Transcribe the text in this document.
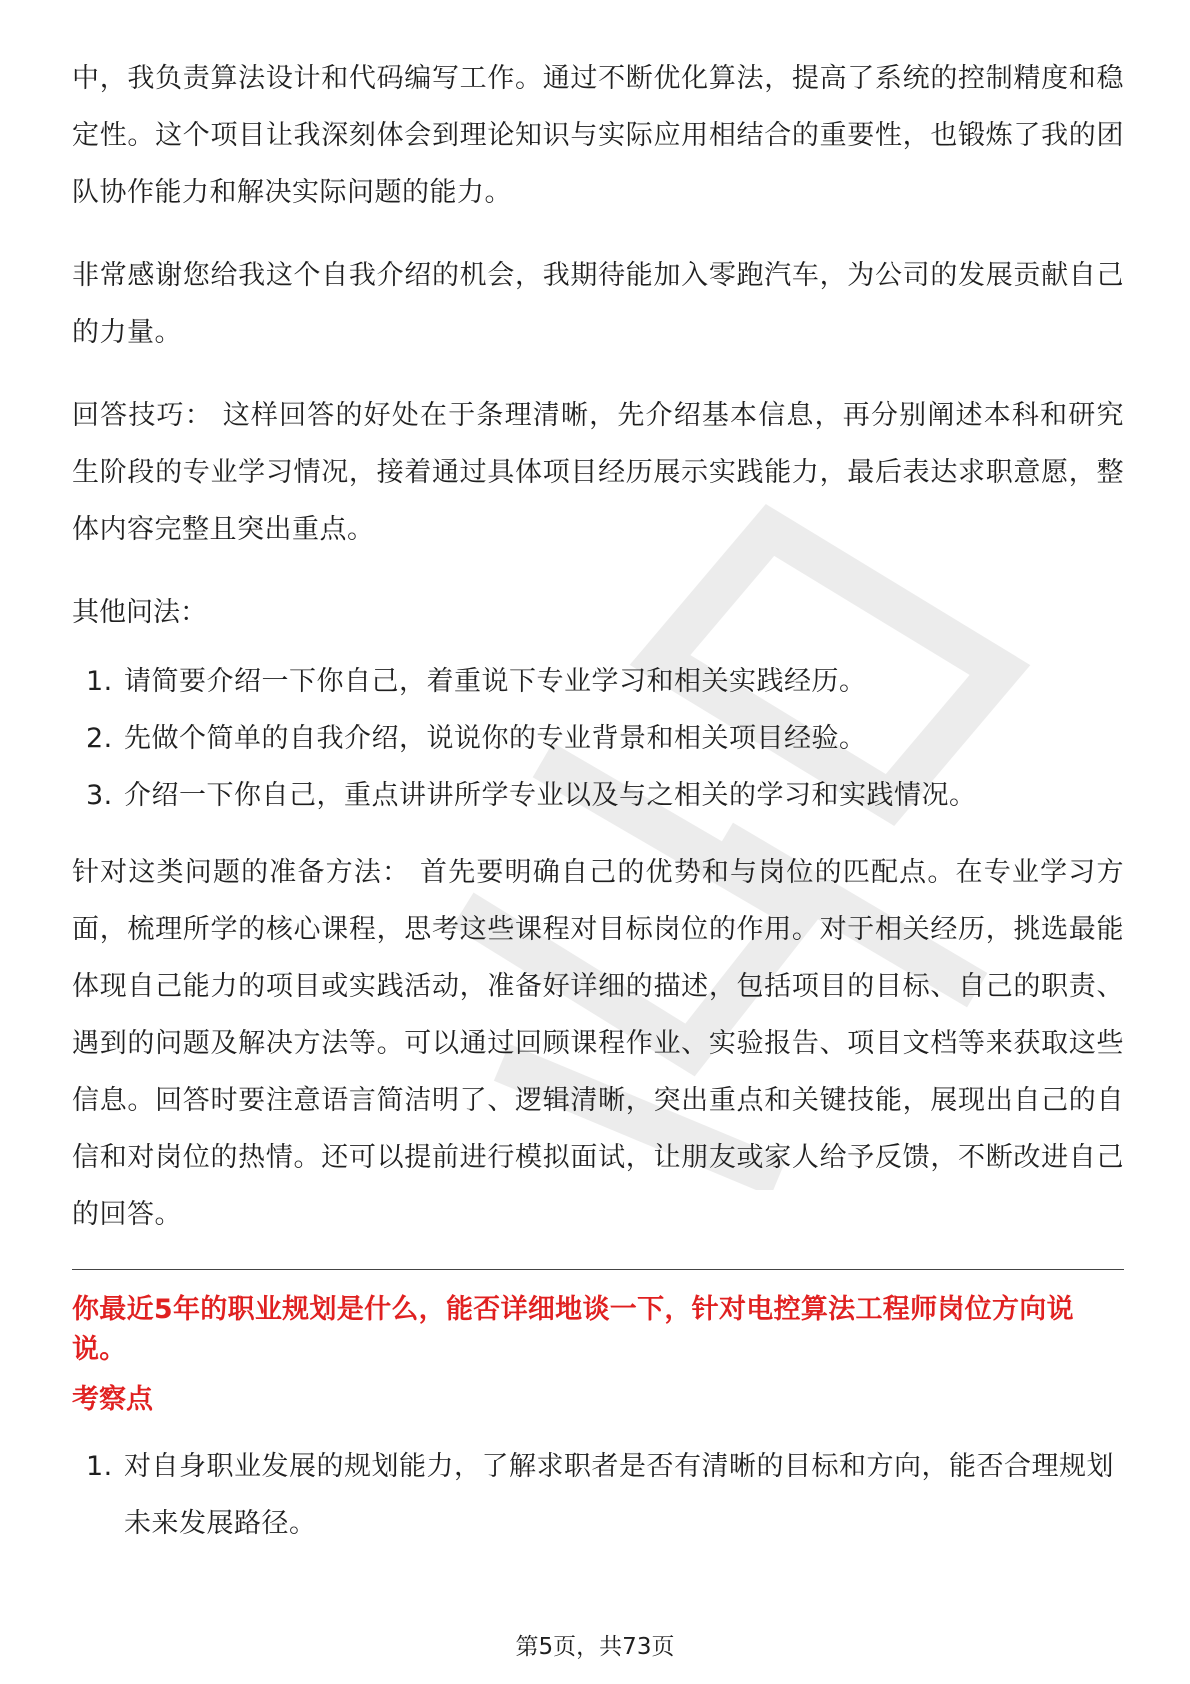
中，我负责算法设计和代码编写工作。通过不断优化算法，提高了系统的控制精度和稳定性。这个项目让我深刻体会到理论知识与实际应用相结合的重要性，也锻炼了我的团队协作能力和解决实际问题的能力。

非常感谢您给我这个自我介绍的机会，我期待能加入零跑汽车，为公司的发展贡献自己的力量。

回答技巧： 这样回答的好处在于条理清晰，先介绍基本信息，再分别阐述本科和研究生阶段的专业学习情况，接着通过具体项目经历展示实践能力，最后表达求职意愿，整体内容完整且突出重点。

其他问法：
1. 请简要介绍一下你自己，着重说下专业学习和相关实践经历。
2. 先做个简单的自我介绍，说说你的专业背景和相关项目经验。
3. 介绍一下你自己，重点讲讲所学专业以及与之相关的学习和实践情况。

针对这类问题的准备方法： 首先要明确自己的优势和与岗位的匹配点。在专业学习方面，梳理所学的核心课程，思考这些课程对目标岗位的作用。对于相关经历，挑选最能体现自己能力的项目或实践活动，准备好详细的描述，包括项目的目标、自己的职责、遇到的问题及解决方法等。可以通过回顾课程作业、实验报告、项目文档等来获取这些信息。回答时要注意语言简洁明了、逻辑清晰，突出重点和关键技能，展现出自己的自信和对岗位的热情。还可以提前进行模拟面试，让朋友或家人给予反馈，不断改进自己的回答。

你最近5年的职业规划是什么，能否详细地谈一下，针对电控算法工程师岗位方向说说。
考察点
1. 对自身职业发展的规划能力，了解求职者是否有清晰的目标和方向，能否合理规划未来发展路径。
第5页，共73页
